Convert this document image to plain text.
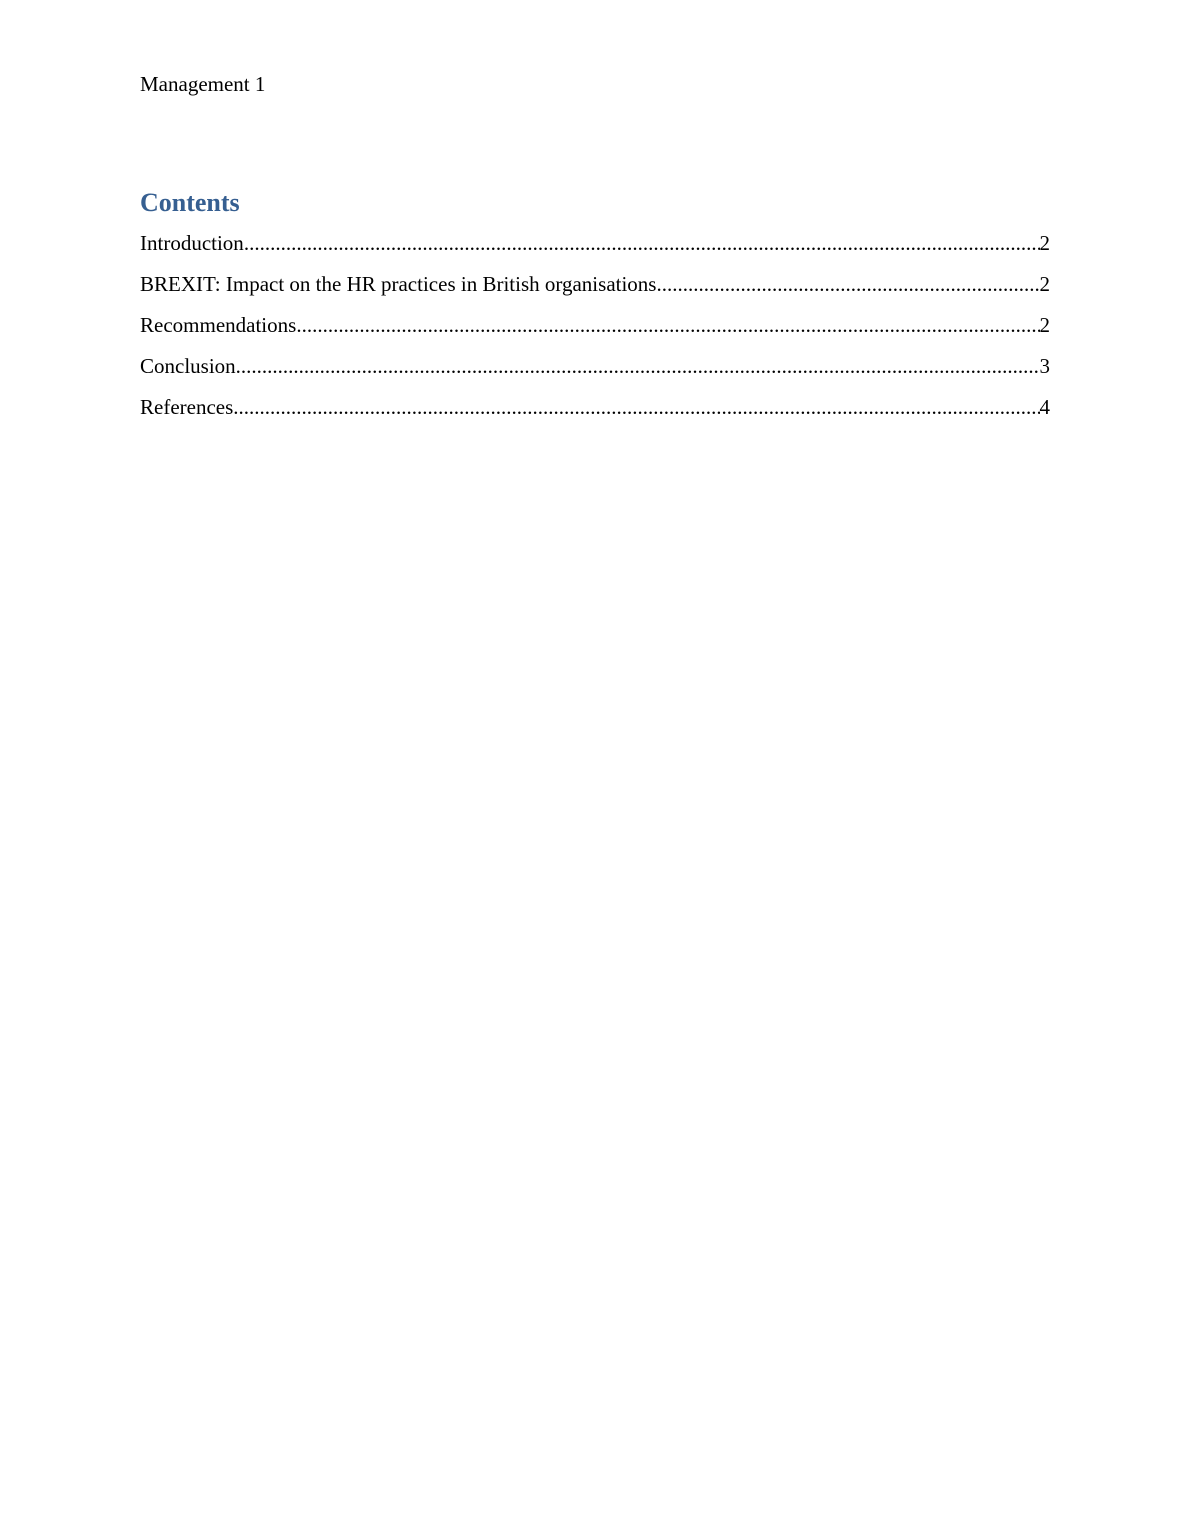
Management 1
Contents
Introduction .....	2
BREXIT: Impact on the HR practices in British organisations .....	2
Recommendations .....	2
Conclusion .....	3
References .....	4
